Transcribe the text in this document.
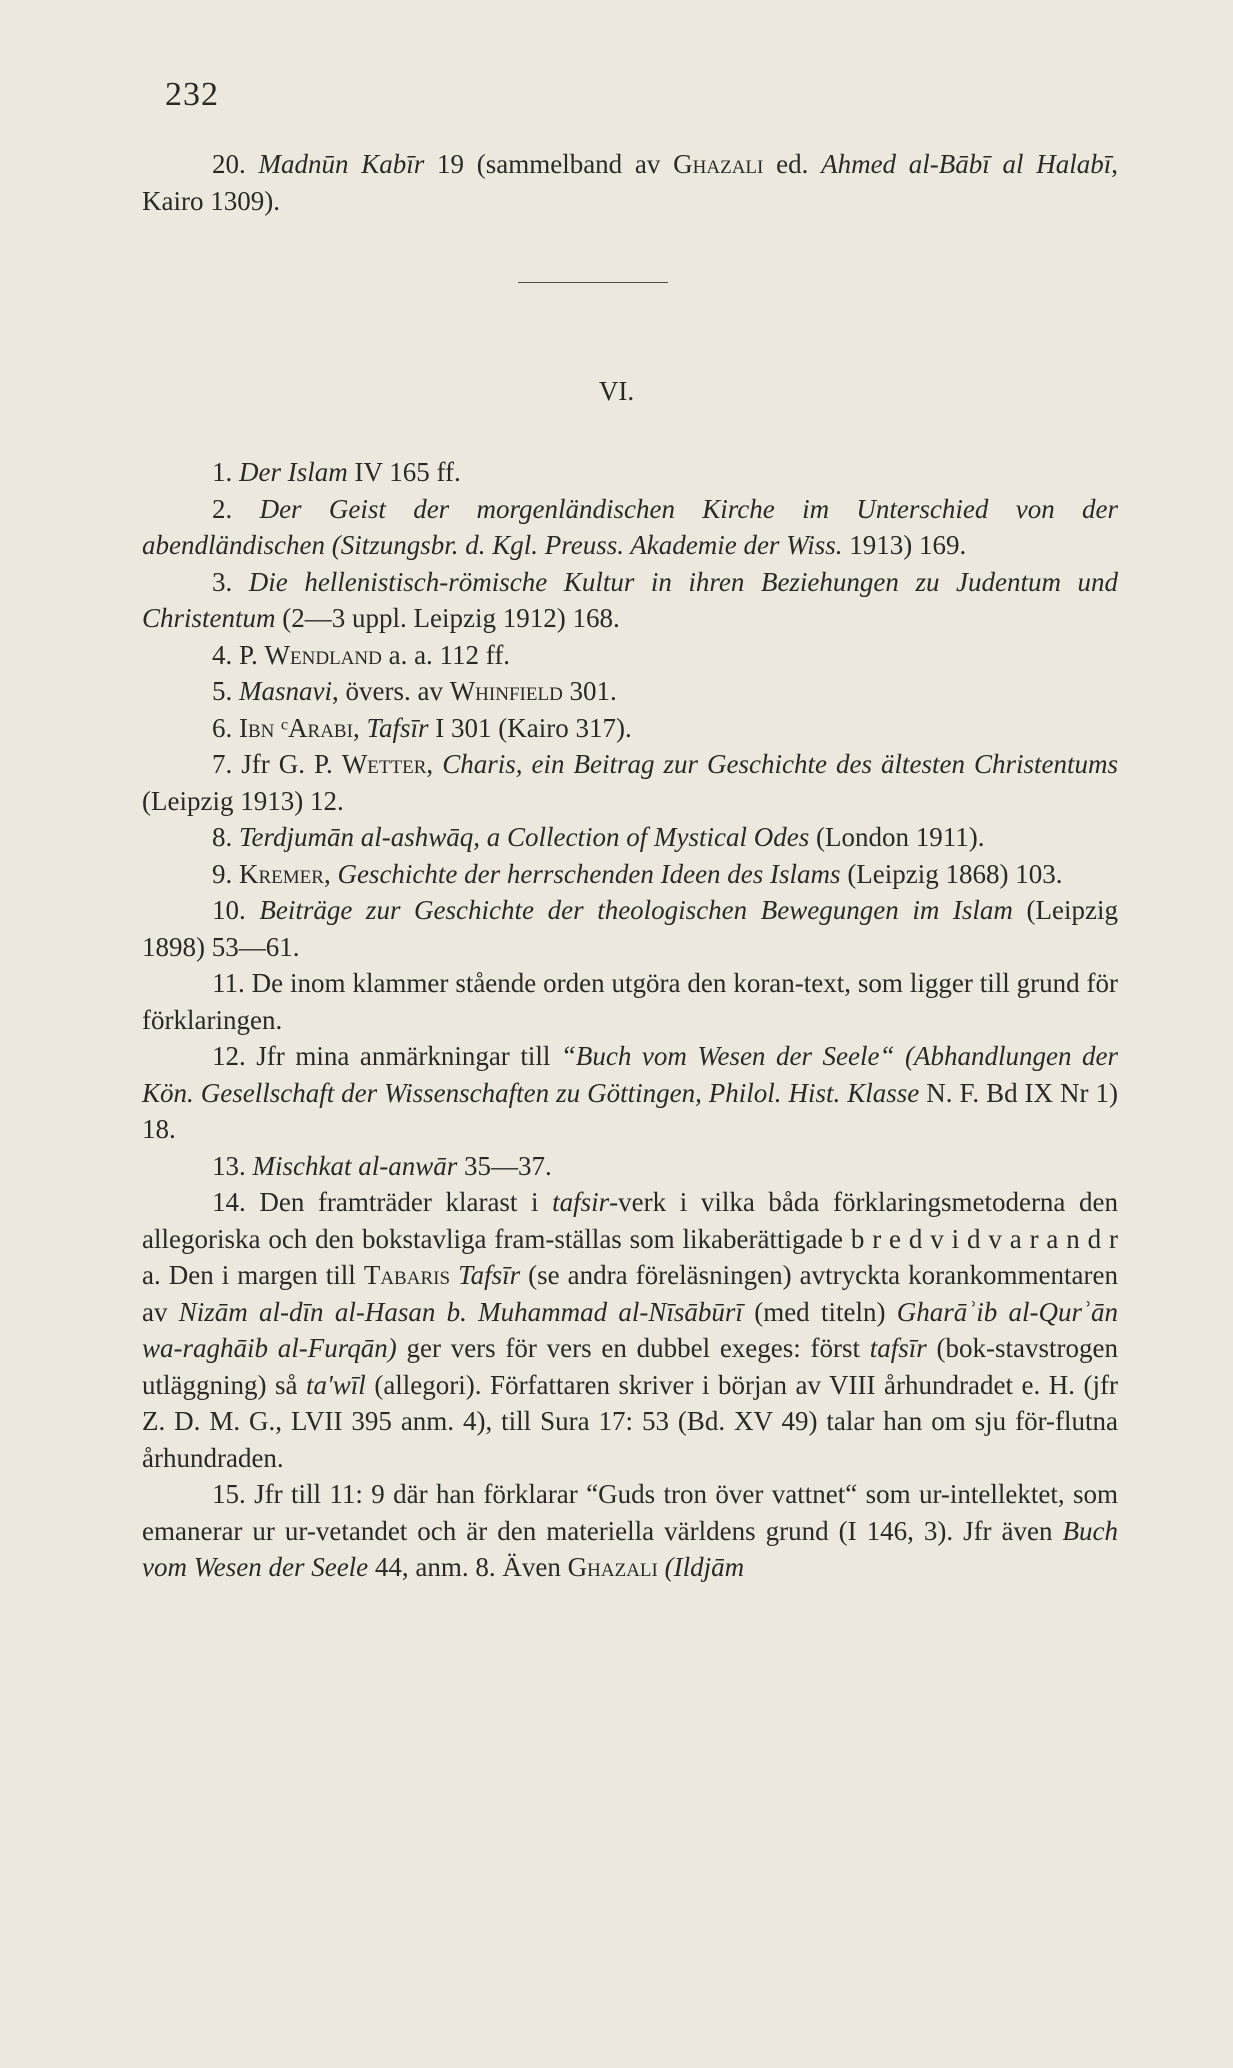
232

20. Madnūn Kabīr 19 (sammelband av Ghazali ed. Ahmed al-Bābī al Halabī, Kairo 1309).

VI.

1. Der Islam IV 165 ff.

2. Der Geist der morgenländischen Kirche im Unterschied von der abendländischen (Sitzungsbr. d. Kgl. Preuss. Akademie der Wiss. 1913) 169.

3. Die hellenistisch-römische Kultur in ihren Beziehungen zu Judentum und Christentum (2—3 uppl. Leipzig 1912) 168.

4. P. Wendland a. a. 112 ff.

5. Masnavi, övers. av Whinfield 301.

6. Ibn ᶜArabi, Tafsīr I 301 (Kairo 317).

7. Jfr G. P. Wetter, Charis, ein Beitrag zur Geschichte des ältesten Christentums (Leipzig 1913) 12.

8. Terdjumān al-ashwāq, a Collection of Mystical Odes (London 1911).

9. Kremer, Geschichte der herrschenden Ideen des Islams (Leipzig 1868) 103.

10. Beiträge zur Geschichte der theologischen Bewegungen im Islam (Leipzig 1898) 53—61.

11. De inom klammer stående orden utgöra den koran-text, som ligger till grund för förklaringen.

12. Jfr mina anmärkningar till “Buch vom Wesen der Seele“ (Abhandlungen der Kön. Gesellschaft der Wissenschaften zu Göttingen, Philol. Hist. Klasse N. F. Bd IX Nr 1) 18.

13. Mischkat al-anwār 35—37.

14. Den framträder klarast i tafsir-verk i vilka båda förklaringsmetoderna den allegoriska och den bokstavliga fram-ställas som likaberättigade b r e d v i d v a r a n d r a. Den i margen till Tabaris Tafsīr (se andra föreläsningen) avtryckta korankommentaren av Nizām al-dīn al-Hasan b. Muhammad al-Nīsābūrī (med titeln) Gharāʾib al-Qurʾān wa-raghāib al-Furqān) ger vers för vers en dubbel exeges: först tafsīr (bok-stavstrogen utläggning) så ta'wīl (allegori). Författaren skriver i början av VIII århundradet e. H. (jfr Z. D. M. G., LVII 395 anm. 4), till Sura 17: 53 (Bd. XV 49) talar han om sju för-flutna århundraden.

15. Jfr till 11: 9 där han förklarar “Guds tron över vattnet“ som ur-intellektet, som emanerar ur ur-vetandet och är den materiella världens grund (I 146, 3). Jfr även Buch vom Wesen der Seele 44, anm. 8. Även Ghazali (Ildjām
